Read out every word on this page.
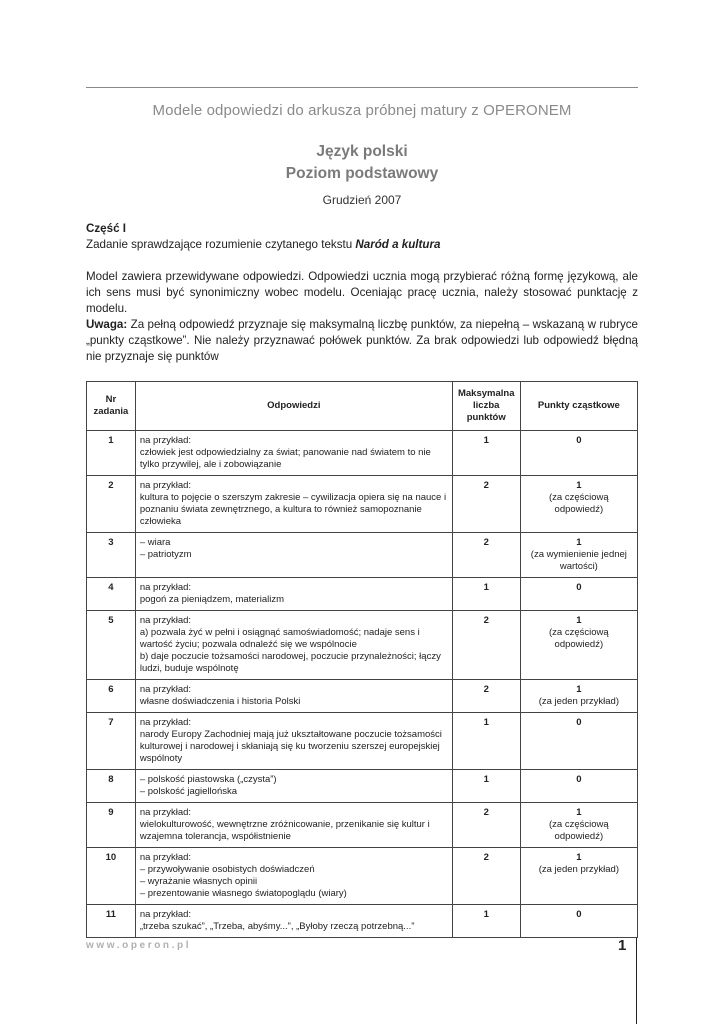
Modele odpowiedzi do arkusza próbnej matury z OPERONEM
Język polski
Poziom podstawowy
Grudzień 2007

Część I

Zadanie sprawdzające rozumienie czytanego tekstu Naród a kultura

Model zawiera przewidywane odpowiedzi. Odpowiedzi ucznia mogą przybierać różną formę językową, ale ich sens musi być synonimiczny wobec modelu. Oceniając pracę ucznia, należy stosować punktację z modelu.

Uwaga: Za pełną odpowiedź przyznaje się maksymalną liczbę punktów, za niepełną – wskazaną w rubryce „punkty cząstkowe”. Nie należy przyznawać połówek punktów. Za brak odpowiedzi lub odpowiedź błędną nie przyznaje się punktów

Nr zadania	Odpowiedzi	Maksymalna liczba punktów	Punkty cząstkowe
1	na przykład:
człowiek jest odpowiedzialny za świat; panowanie nad światem to nie tylko przywilej, ale i zobowiązanie	1	0

2	na przykład:
kultura to pojęcie o szerszym zakresie – cywilizacja opiera się na nauce i poznaniu świata zewnętrznego, a kultura to również samopoznanie człowieka	2	1
(za częściową odpowiedź)

3	– wiara
– patriotyzm	2	1
(za wymienienie jednej wartości)

4	na przykład:
pogoń za pieniądzem, materializm	1	0

5	na przykład:
a) pozwala żyć w pełni i osiągnąć samoświadomość; nadaje sens i wartość życiu; pozwala odnaleźć się we wspólnocie
b) daje poczucie tożsamości narodowej, poczucie przynależności; łączy ludzi, buduje wspólnotę	2	1
(za częściową odpowiedź)

6	na przykład:
własne doświadczenia i historia Polski	2	1
(za jeden przykład)

7	na przykład:
narody Europy Zachodniej mają już ukształtowane poczucie tożsamości kulturowej i narodowej i skłaniają się ku tworzeniu szerszej europejskiej wspólnoty	1	0

8	– polskość piastowska („czysta”)
– polskość jagiellońska	1	0

9	na przykład:
wielokulturowość, wewnętrzne zróżnicowanie, przenikanie się kultur i wzajemna tolerancja, współistnienie	2	1
(za częściową odpowiedź)

10	na przykład:
– przywoływanie osobistych doświadczeń
– wyrażanie własnych opinii
– prezentowanie własnego światopoglądu (wiary)	2	1
(za jeden przykład)

11	na przykład:
„trzeba szukać”, „Trzeba, abyśmy...”, „Byłoby rzeczą potrzebną...”	1	0
www.operon.pl	1
